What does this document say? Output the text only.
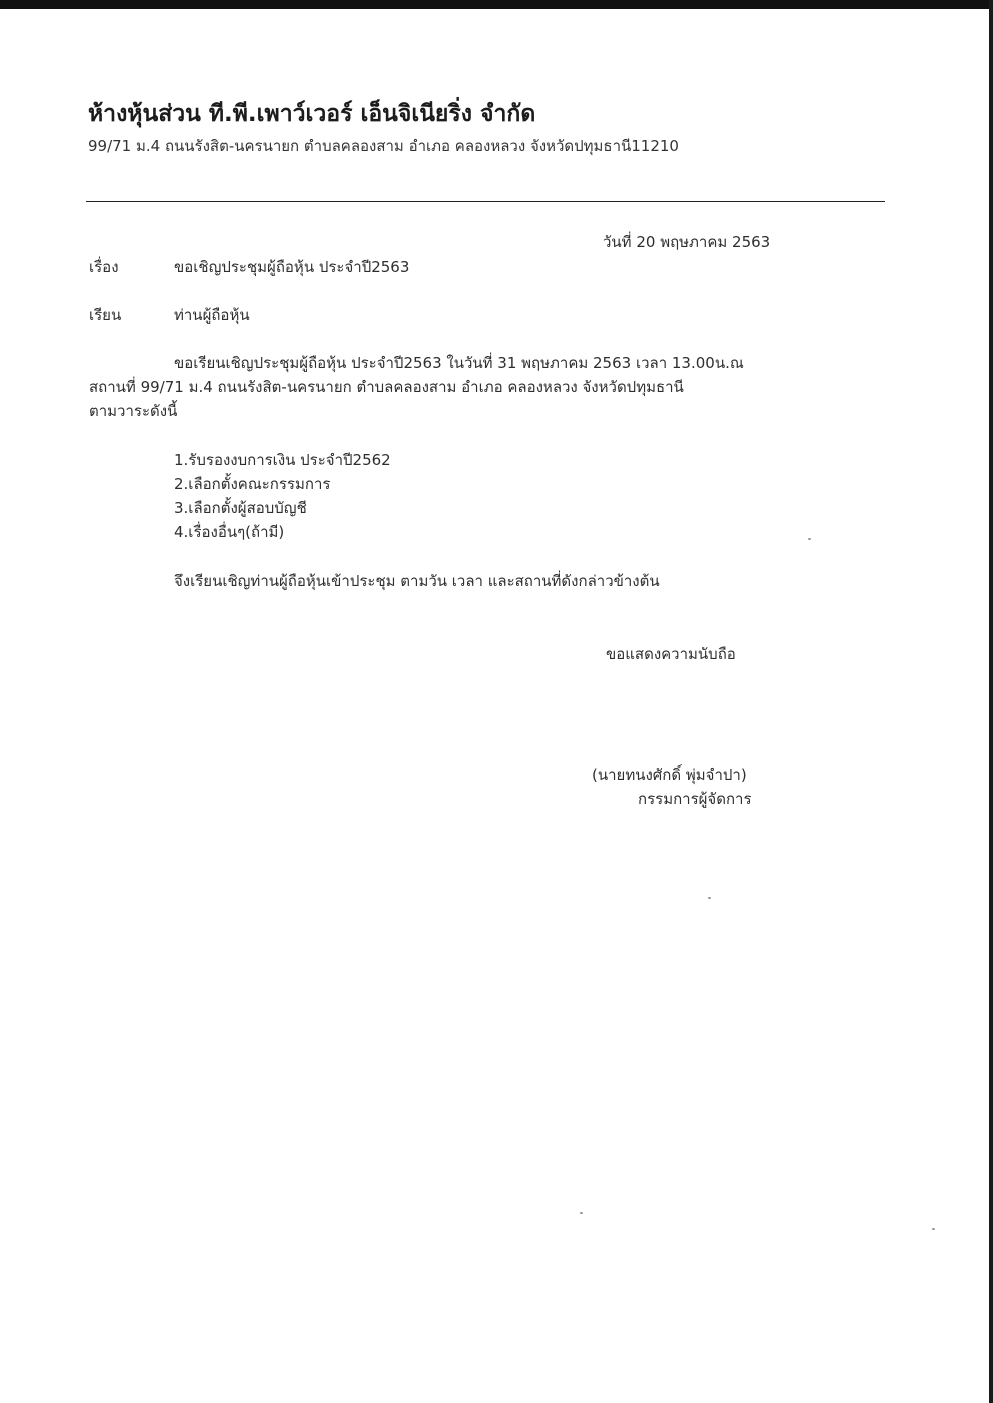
ห้างหุ้นส่วน ที.พี.เพาว์เวอร์ เอ็นจิเนียริ่ง จำกัด
99/71 ม.4 ถนนรังสิต-นครนายก ตำบลคลองสาม อำเภอ คลองหลวง จังหวัดปทุมธานี11210
วันที่ 20 พฤษภาคม 2563
เรื่อง	ขอเชิญประชุมผู้ถือหุ้น ประจำปี2563
เรียน	ท่านผู้ถือหุ้น
ขอเรียนเชิญประชุมผู้ถือหุ้น ประจำปี2563 ในวันที่ 31 พฤษภาคม 2563 เวลา 13.00น.ณ
สถานที่ 99/71 ม.4 ถนนรังสิต-นครนายก ตำบลคลองสาม อำเภอ คลองหลวง จังหวัดปทุมธานี
ตามวาระดังนี้
1.รับรองงบการเงิน ประจำปี2562
2.เลือกตั้งคณะกรรมการ
3.เลือกตั้งผู้สอบบัญชี
4.เรื่องอื่นๆ(ถ้ามี)
จึงเรียนเชิญท่านผู้ถือหุ้นเข้าประชุม ตามวัน เวลา และสถานที่ดังกล่าวข้างต้น
ขอแสดงความนับถือ
(นายทนงศักดิ์ พุ่มจำปา)
กรรมการผู้จัดการ
